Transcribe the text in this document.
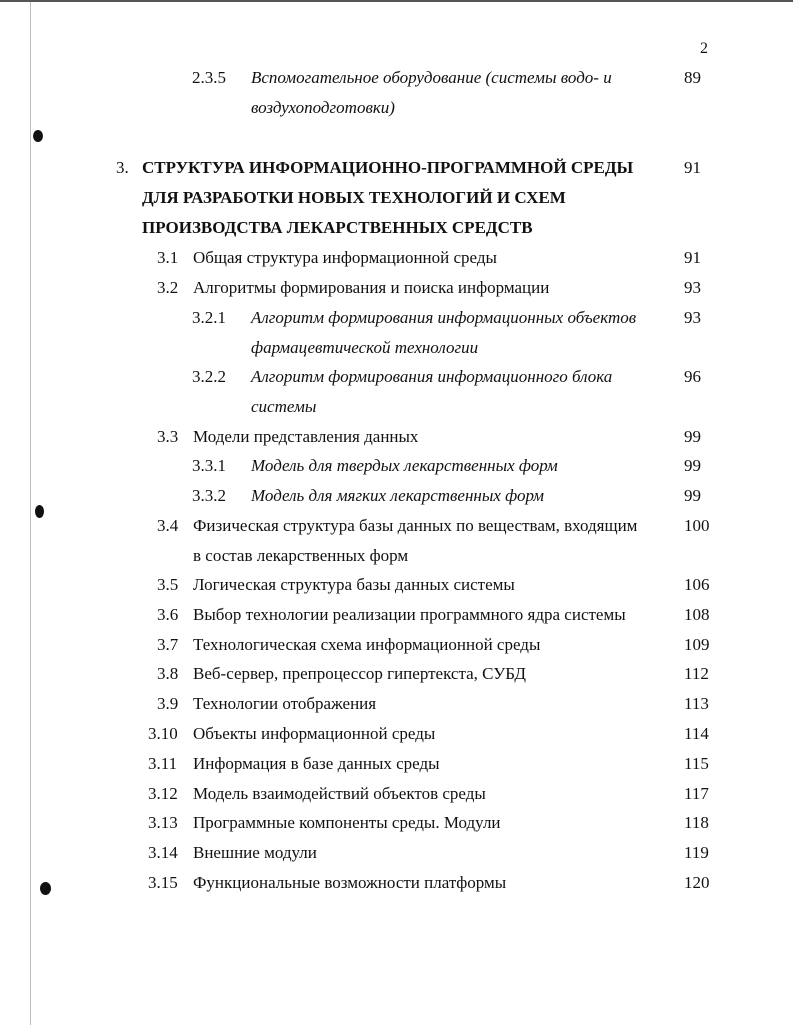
2
2.3.5 Вспомогательное оборудование (системы водо- и	89
воздухоподготовки)
3. СТРУКТУРА ИНФОРМАЦИОННО-ПРОГРАММНОЙ СРЕДЫ	91
ДЛЯ РАЗРАБОТКИ НОВЫХ ТЕХНОЛОГИЙ И СХЕМ
ПРОИЗВОДСТВА ЛЕКАРСТВЕННЫХ СРЕДСТВ
3.1 Общая структура информационной среды	91
3.2 Алгоритмы формирования и поиска информации	93
3.2.1 Алгоритм формирования информационных объектов	93
фармацевтической технологии
3.2.2 Алгоритм формирования информационного блока	96
системы
3.3 Модели представления данных	99
3.3.1 Модель для твердых лекарственных форм	99
3.3.2 Модель для мягких лекарственных форм	99
3.4 Физическая структура базы данных по веществам, входящим	100
в состав лекарственных форм
3.5 Логическая структура базы данных системы	106
3.6 Выбор технологии реализации программного ядра системы	108
3.7 Технологическая схема информационной среды	109
3.8 Веб-сервер, препроцессор гипертекста, СУБД	112
3.9 Технологии отображения	113
3.10 Объекты информационной среды	114
3.11 Информация в базе данных среды	115
3.12 Модель взаимодействий объектов среды	117
3.13 Программные компоненты среды. Модули	118
3.14 Внешние модули	119
3.15 Функциональные возможности платформы	120
